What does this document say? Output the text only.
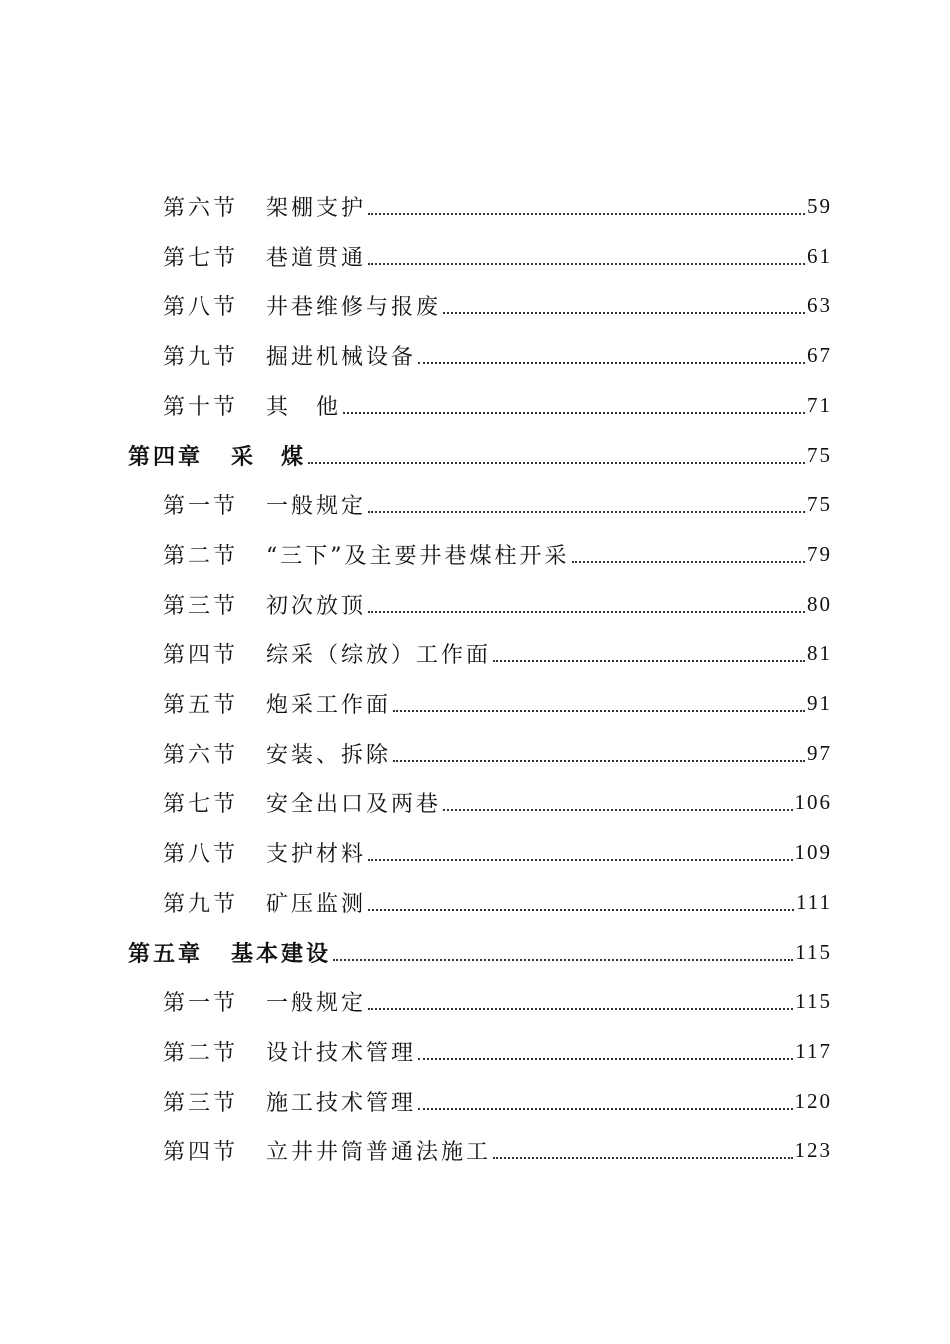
第六节 架棚支护	59
第七节 巷道贯通	61
第八节 井巷维修与报废	63
第九节 掘进机械设备	67
第十节 其　他	71
第四章 采　煤	75
第一节 一般规定	75
第二节 “三下”及主要井巷煤柱开采	79
第三节 初次放顶	80
第四节 综采（综放）工作面	81
第五节 炮采工作面	91
第六节 安装、拆除	97
第七节 安全出口及两巷	106
第八节 支护材料	109
第九节 矿压监测	111
第五章 基本建设	115
第一节 一般规定	115
第二节 设计技术管理	117
第三节 施工技术管理	120
第四节 立井井筒普通法施工	123
